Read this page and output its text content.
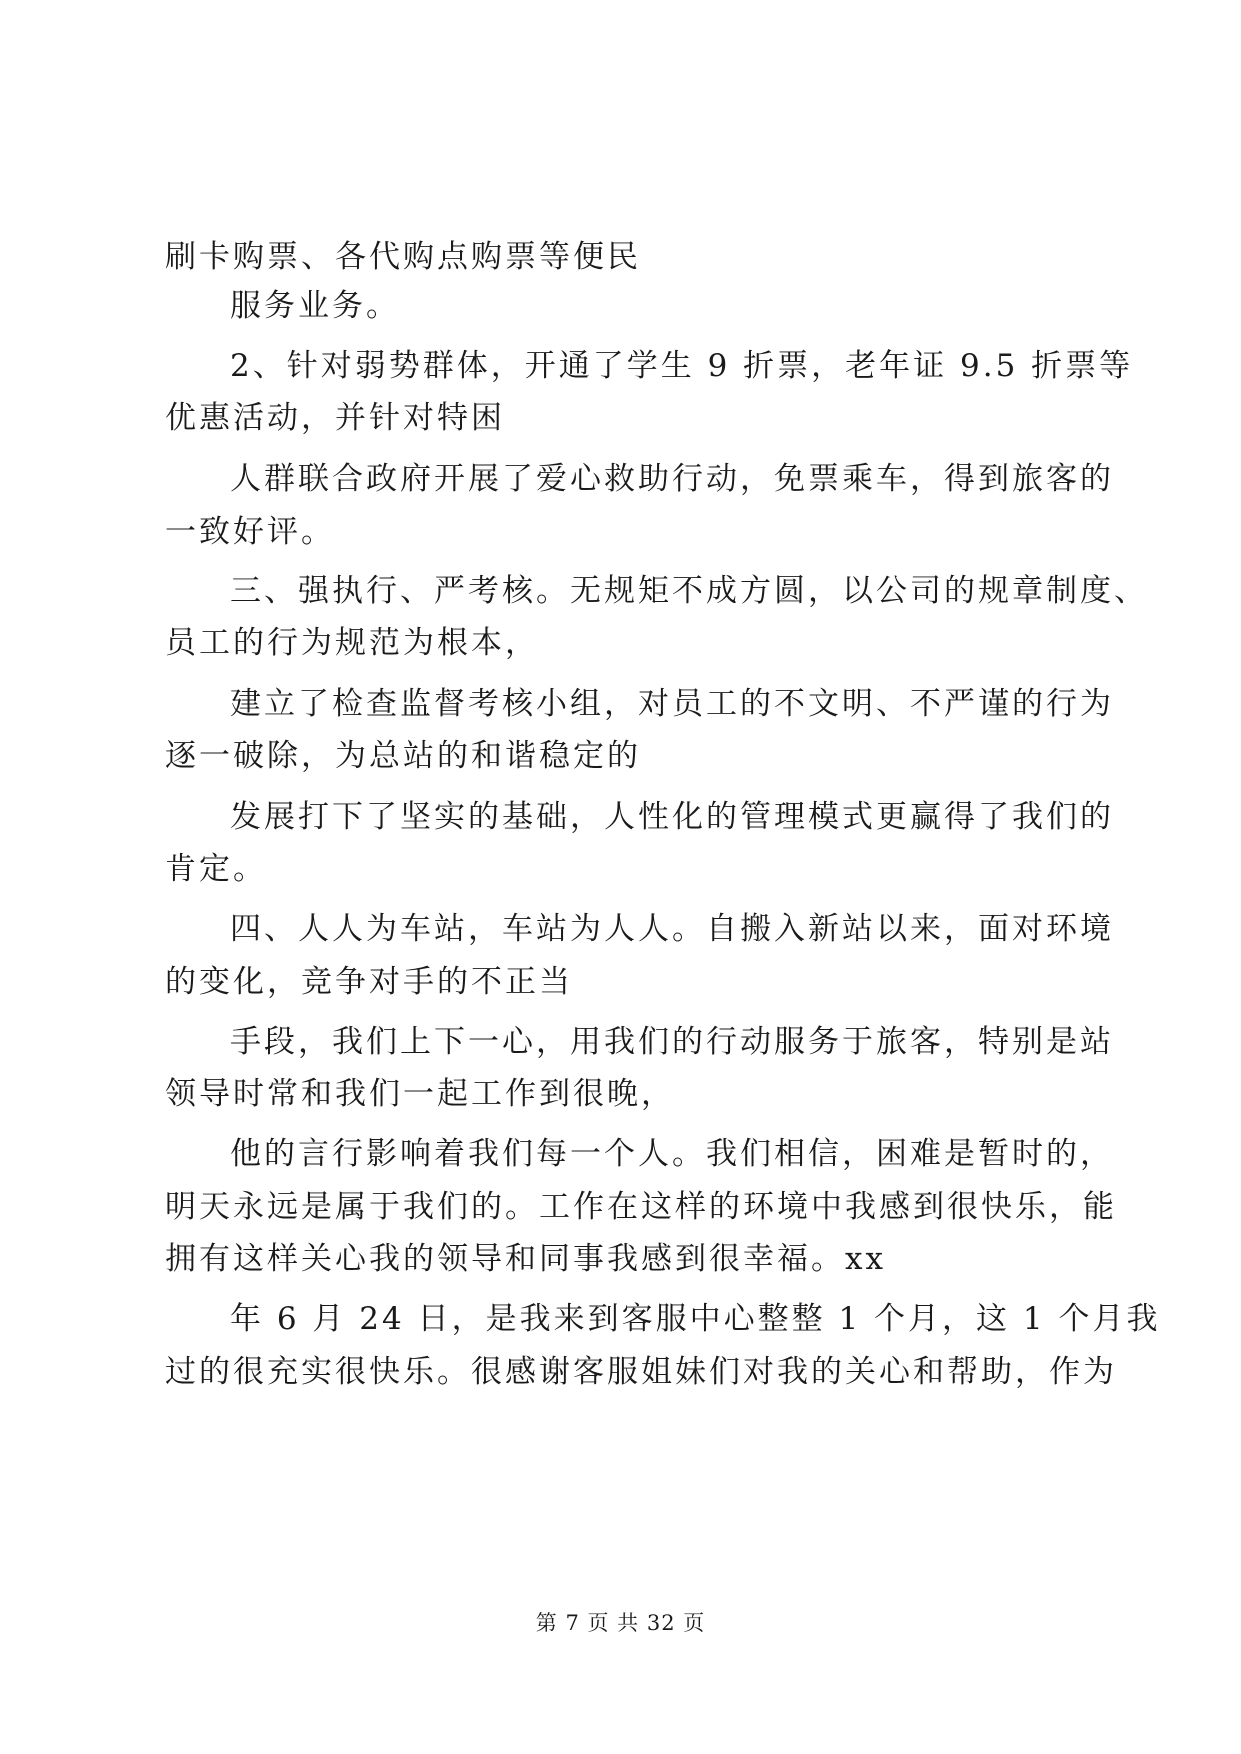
刷卡购票、各代购点购票等便民
服务业务。
2、针对弱势群体，开通了学生 9 折票，老年证 9.5 折票等
优惠活动，并针对特困
人群联合政府开展了爱心救助行动，免票乘车，得到旅客的
一致好评。
三、强执行、严考核。无规矩不成方圆，以公司的规章制度、
员工的行为规范为根本，
建立了检查监督考核小组，对员工的不文明、不严谨的行为
逐一破除，为总站的和谐稳定的
发展打下了坚实的基础，人性化的管理模式更赢得了我们的
肯定。
四、人人为车站，车站为人人。自搬入新站以来，面对环境
的变化，竞争对手的不正当
手段，我们上下一心，用我们的行动服务于旅客，特别是站
领导时常和我们一起工作到很晚，
他的言行影响着我们每一个人。我们相信，困难是暂时的，
明天永远是属于我们的。工作在这样的环境中我感到很快乐，能
拥有这样关心我的领导和同事我感到很幸福。xx
年 6 月 24 日，是我来到客服中心整整 1 个月，这 1 个月我
过的很充实很快乐。很感谢客服姐妹们对我的关心和帮助，作为
第 7 页 共 32 页
